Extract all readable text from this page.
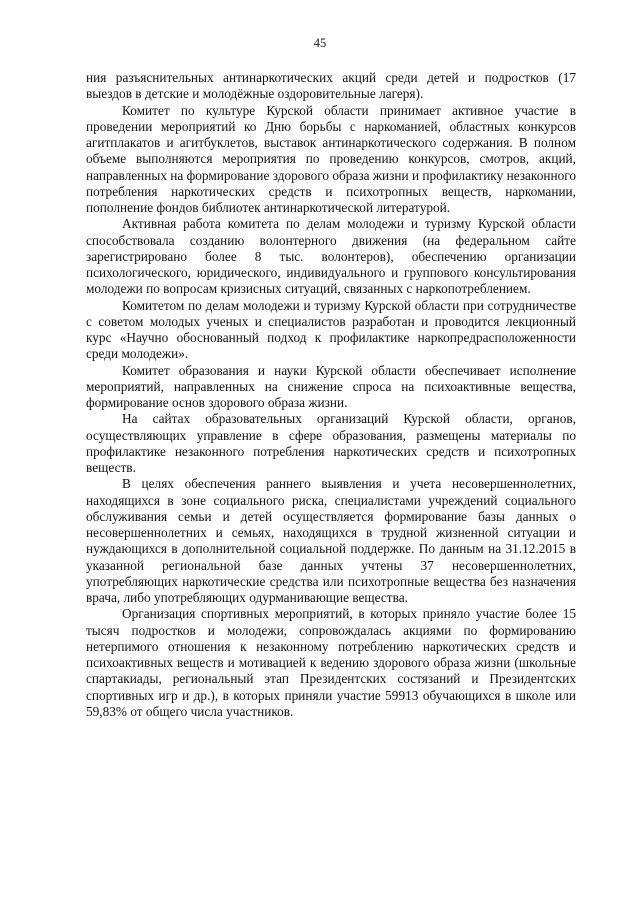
45

ния разъяснительных антинаркотических акций среди детей и подростков (17 выездов в детские и молодёжные оздоровительные лагеря).

Комитет по культуре Курской области принимает активное участие в проведении мероприятий ко Дню борьбы с наркоманией, областных конкурсов агитплакатов и агитбуклетов, выставок антинаркотического содержания. В полном объеме выполняются мероприятия по проведению конкурсов, смотров, акций, направленных на формирование здорового образа жизни и профилактику незаконного потребления наркотических средств и психотропных веществ, наркомании, пополнение фондов библиотек антинаркотической литературой.

Активная работа комитета по делам молодежи и туризму Курской области способствовала созданию волонтерного движения (на федеральном сайте зарегистрировано более 8 тыс. волонтеров), обеспечению организации психологического, юридического, индивидуального и группового консультирования молодежи по вопросам кризисных ситуаций, связанных с наркопотреблением.

Комитетом по делам молодежи и туризму Курской области при сотрудничестве с советом молодых ученых и специалистов разработан и проводится лекционный курс «Научно обоснованный подход к профилактике наркопредрасположенности среди молодежи».

Комитет образования и науки Курской области обеспечивает исполнение мероприятий, направленных на снижение спроса на психоактивные вещества, формирование основ здорового образа жизни.

На сайтах образовательных организаций Курской области, органов, осуществляющих управление в сфере образования, размещены материалы по профилактике незаконного потребления наркотических средств и психотропных веществ.

В целях обеспечения раннего выявления и учета несовершеннолетних, находящихся в зоне социального риска, специалистами учреждений социального обслуживания семьи и детей осуществляется формирование базы данных о несовершеннолетних и семьях, находящихся в трудной жизненной ситуации и нуждающихся в дополнительной социальной поддержке. По данным на 31.12.2015 в указанной региональной базе данных учтены 37 несовершеннолетних, употребляющих наркотические средства или психотропные вещества без назначения врача, либо употребляющих одурманивающие вещества.

Организация спортивных мероприятий, в которых приняло участие более 15 тысяч подростков и молодежи, сопровождалась акциями по формированию нетерпимого отношения к незаконному потреблению наркотических средств и психоактивных веществ и мотивацией к ведению здорового образа жизни (школьные спартакиады, региональный этап Президентских состязаний и Президентских спортивных игр и др.), в которых приняли участие 59913 обучающихся в школе или 59,83% от общего числа участников.
